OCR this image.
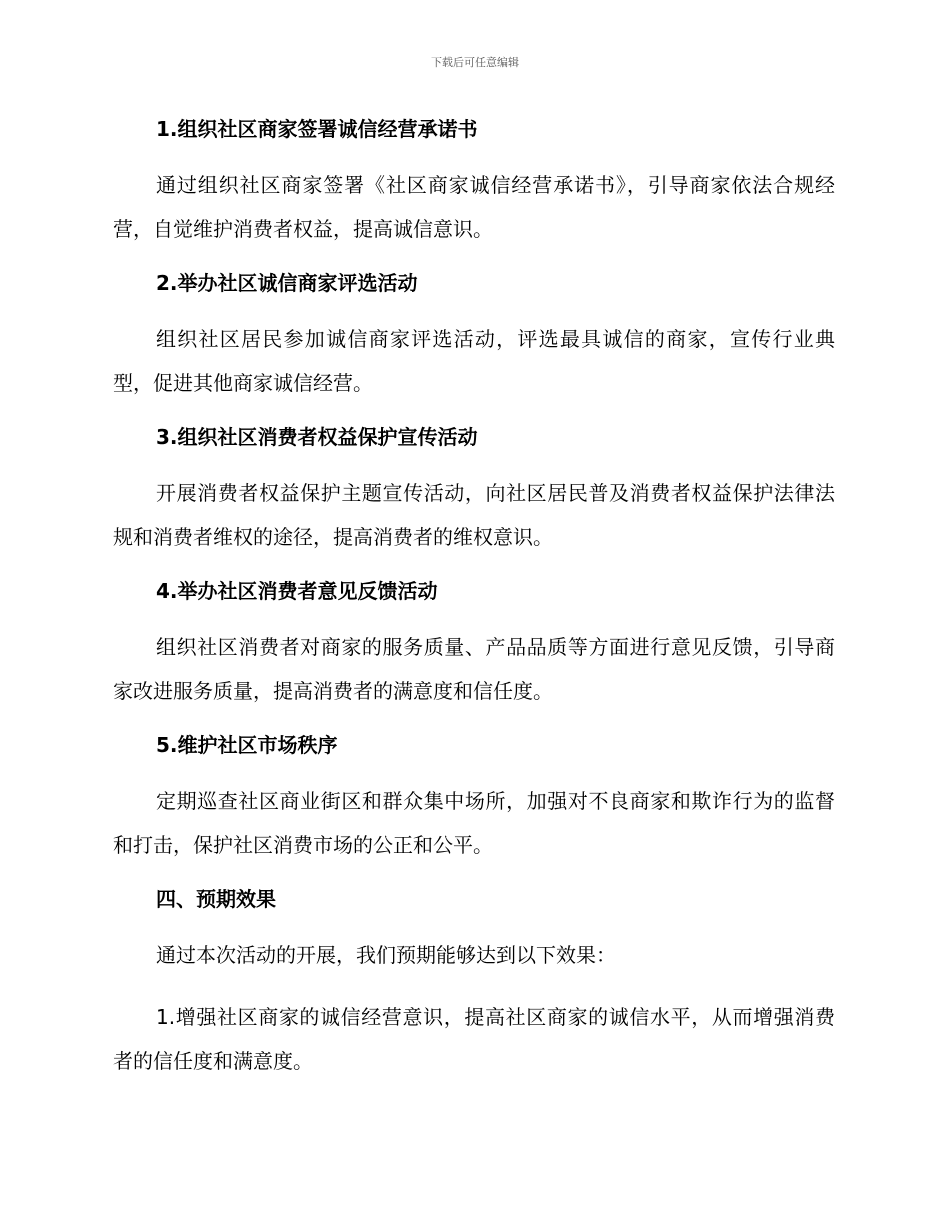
下载后可任意编辑
1.组织社区商家签署诚信经营承诺书
通过组织社区商家签署《社区商家诚信经营承诺书》，引导商家依法合规经营，自觉维护消费者权益，提高诚信意识。
2.举办社区诚信商家评选活动
组织社区居民参加诚信商家评选活动，评选最具诚信的商家，宣传行业典型，促进其他商家诚信经营。
3.组织社区消费者权益保护宣传活动
开展消费者权益保护主题宣传活动，向社区居民普及消费者权益保护法律法规和消费者维权的途径，提高消费者的维权意识。
4.举办社区消费者意见反馈活动
组织社区消费者对商家的服务质量、产品品质等方面进行意见反馈，引导商家改进服务质量，提高消费者的满意度和信任度。
5.维护社区市场秩序
定期巡查社区商业街区和群众集中场所，加强对不良商家和欺诈行为的监督和打击，保护社区消费市场的公正和公平。
四、预期效果
通过本次活动的开展，我们预期能够达到以下效果：
1.增强社区商家的诚信经营意识，提高社区商家的诚信水平，从而增强消费者的信任度和满意度。
